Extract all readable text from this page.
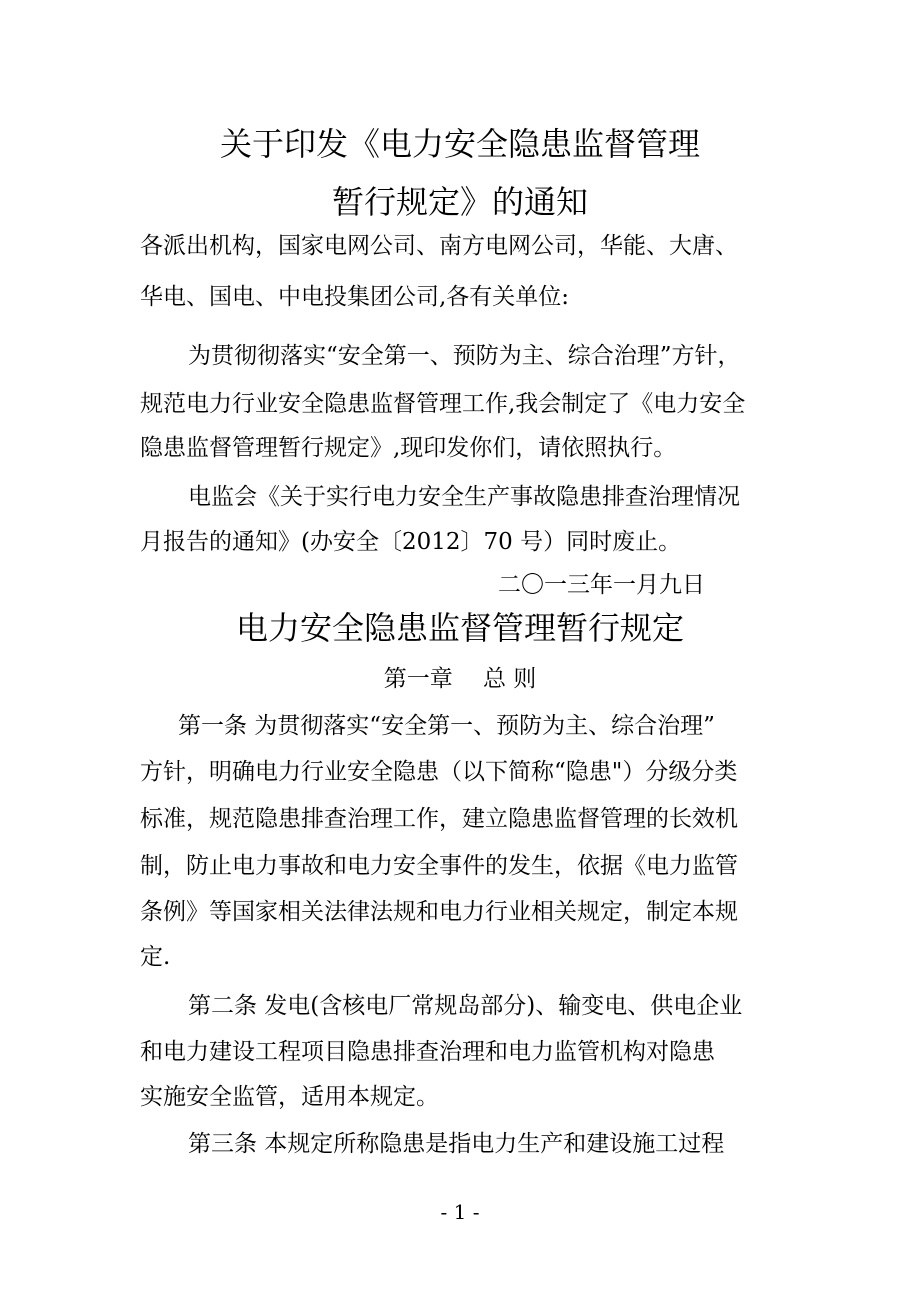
关于印发《电力安全隐患监督管理
暂行规定》的通知

各派出机构，国家电网公司、南方电网公司，华能、大唐、

华电、国电、中电投集团公司,各有关单位:

为贯彻彻落实“安全第一、预防为主、综合治理”方针，

规范电力行业安全隐患监督管理工作,我会制定了《电力安全

隐患监督管理暂行规定》,现印发你们，请依照执行。

电监会《关于实行电力安全生产事故隐患排查治理情况

月报告的通知》(办安全〔2012〕70 号）同时废止。

二〇一三年一月九日

电力安全隐患监督管理暂行规定

第一章　 总 则

第一条 为贯彻落实“安全第一、预防为主、综合治理”

方针，明确电力行业安全隐患（以下简称“隐患"）分级分类

标准，规范隐患排查治理工作，建立隐患监督管理的长效机

制，防止电力事故和电力安全事件的发生，依据《电力监管

条例》等国家相关法律法规和电力行业相关规定，制定本规

定.

第二条 发电(含核电厂常规岛部分)、输变电、供电企业

和电力建设工程项目隐患排查治理和电力监管机构对隐患

实施安全监管，适用本规定。

第三条 本规定所称隐患是指电力生产和建设施工过程

- 1 -
